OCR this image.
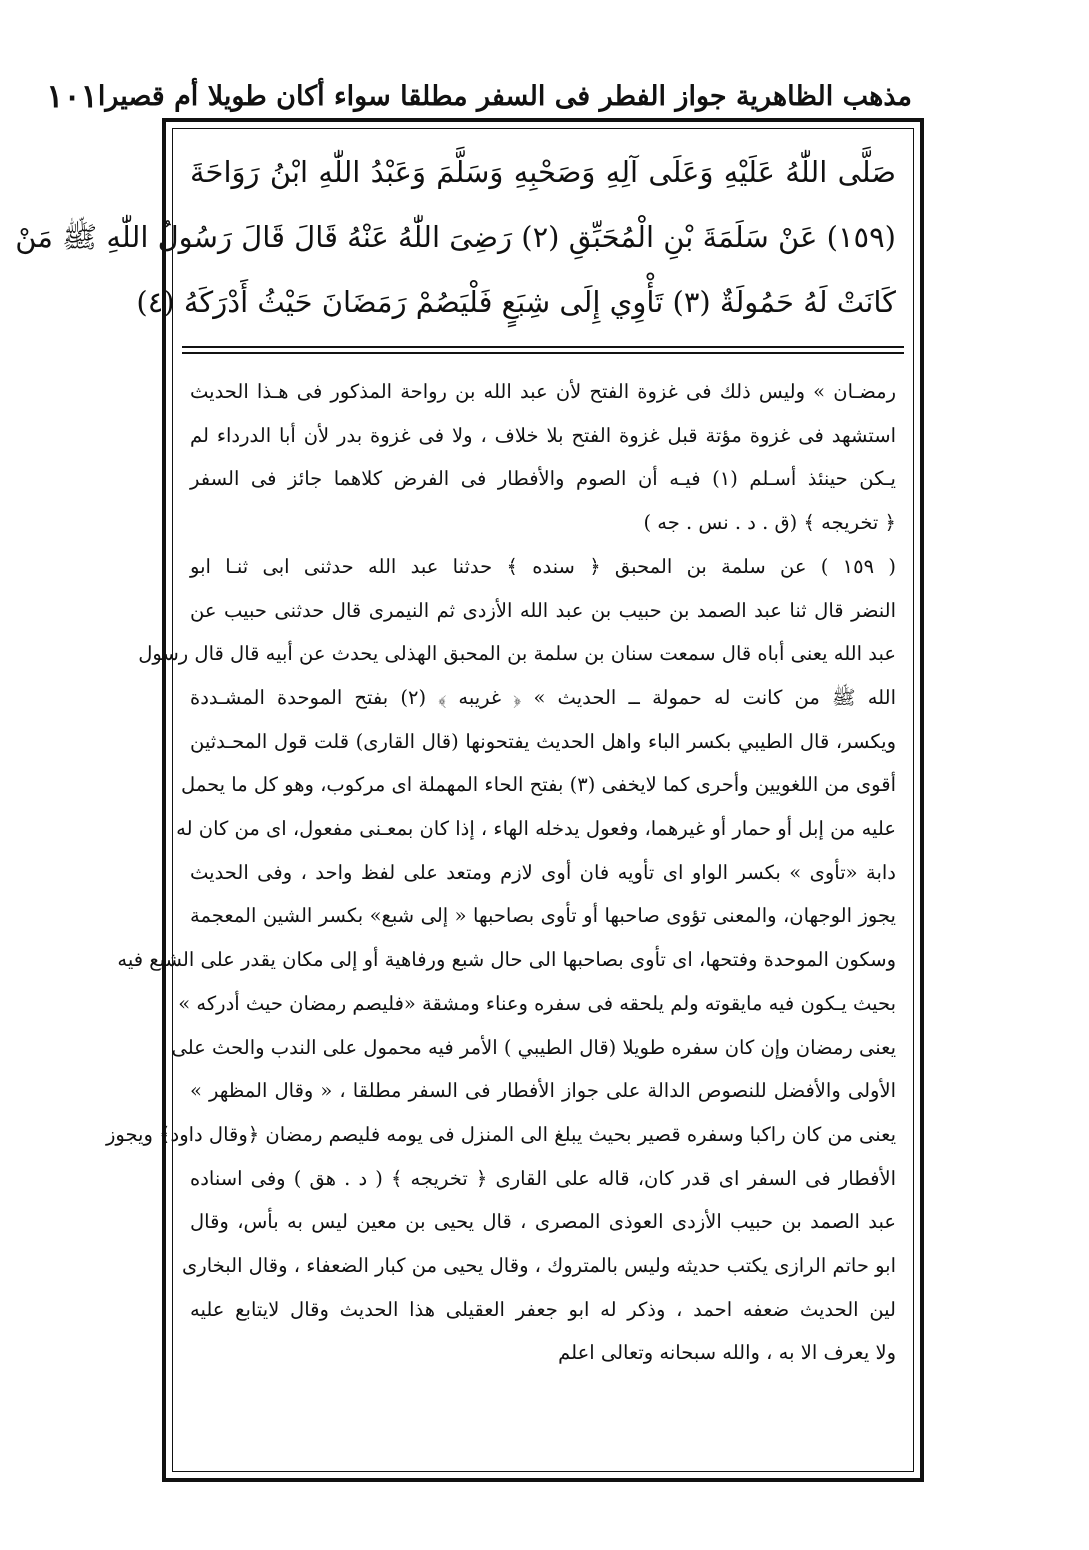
مذهب الظاهرية جواز الفطر فى السفر مطلقا سواء أكان طويلا أم قصيرا
١٠١
صَلَّى اللّٰهُ عَلَيْهِ وَعَلَى آلِهِ وَصَحْبِهِ وَسَلَّمَ وَعَبْدُ اللّٰهِ ابْنُ رَوَاحَةَ
(١٥٩) عَنْ سَلَمَةَ بْنِ الْمُحَبِّقِ (٢) رَضِىَ اللّٰهُ عَنْهُ قَالَ قَالَ رَسُولُ اللّٰهِ ﷺ مَنْ
كَانَتْ لَهُ حَمُولَةٌ (٣) تَأْوِي إِلَى شِبَعٍ فَلْيَصُمْ رَمَضَانَ حَيْثُ أَدْرَكَهُ (٤)
رمضـان » وليس ذلك فى غزوة الفتح لأن عبد الله بن رواحة المذكور فى هـذا الحديث
استشهد فى غزوة مؤتة قبل غزوة الفتح بلا خلاف ، ولا فى غزوة بدر لأن أبا الدرداء لم
يـكن حينئذ أسـلم (١) فيـه أن الصوم والأفطار فى الفرض كلاهما جائز فى السفر
﴿ تخريجه ﴾ (ق . د . نس . جه )
( ١٥٩ ) عن سلمة بن المحبق ﴿ سنده ﴾ حدثنا عبد الله حدثنى ابى ثنـا ابو
النضر قال ثنا عبد الصمد بن حبيب بن عبد الله الأزدى ثم النيمرى قال حدثنى حبيب عن
عبد الله يعنى أباه قال سمعت سنان بن سلمة بن المحبق الهذلى يحدث عن أبيه قال قال رسول
الله ﷺ من كانت له حمولة ــ الحديث » ﴿ غريبه ﴾ (٢) بفتح الموحدة المشـددة
ويكسر، قال الطيبي بكسر الباء واهل الحديث يفتحونها (قال القارى) قلت قول المحـدثين
أقوى من اللغويين وأحرى كما لايخفى (٣) بفتح الحاء المهملة اى مركوب، وهو كل ما يحمل
عليه من إبل أو حمار أو غيرهما، وفعول يدخله الهاء ، إذا كان بمعـنى مفعول، اى من كان له
دابة «تأوى » بكسر الواو اى تأويه فان أوى لازم ومتعد على لفظ واحد ، وفى الحديث
يجوز الوجهان، والمعنى تؤوى صاحبها أو تأوى بصاحبها « إلى شبع» بكسر الشين المعجمة
وسكون الموحدة وفتحها، اى تأوى بصاحبها الى حال شبع ورفاهية أو إلى مكان يقدر على الشبع فيه
بحيث يـكون فيه مايقوته ولم يلحقه فى سفره وعناء ومشقة «فليصم رمضان حيث أدركه »
يعنى رمضان وإن كان سفره طويلا (قال الطيبي ) الأمر فيه محمول على الندب والحث على
الأولى والأفضل للنصوص الدالة على جواز الأفطار فى السفر مطلقا ، « وقال المظهر »
يعنى من كان راكبا وسفره قصير بحيث يبلغ الى المنزل فى يومه فليصم رمضان ﴿وقال داود﴾ ويجوز
الأفطار فى السفر اى قدر كان، قاله على القارى ﴿ تخريجه ﴾ ( د . هق ) وفى اسناده
عبد الصمد بن حبيب الأزدى العوذى المصرى ، قال يحيى بن معين ليس به بأس، وقال
ابو حاتم الرازى يكتب حديثه وليس بالمتروك ، وقال يحيى من كبار الضعفاء ، وقال البخارى
لين الحديث ضعفه احمد ، وذكر له ابو جعفر العقيلى هذا الحديث وقال لايتابع عليه
ولا يعرف الا به ، والله سبحانه وتعالى اعلم
